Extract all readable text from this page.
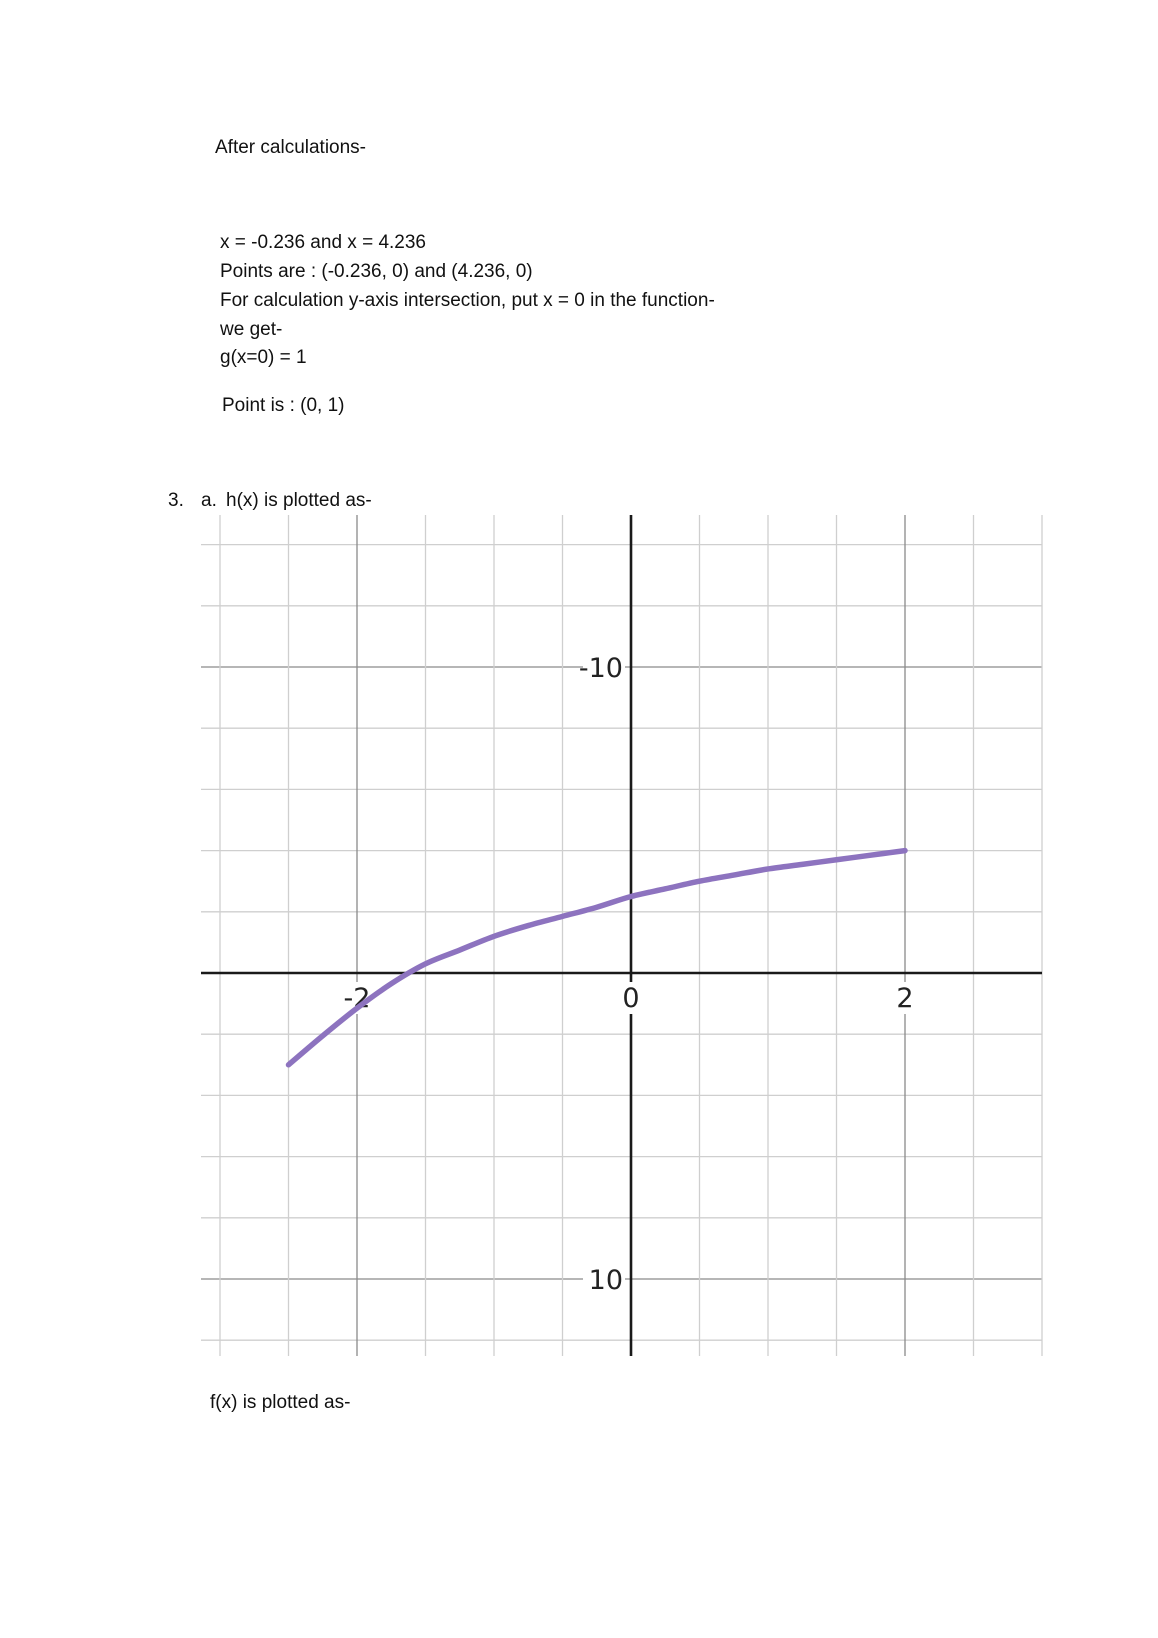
After calculations-
x = -0.236 and x = 4.236
Points are : (-0.236, 0) and (4.236, 0)
For calculation y-axis intersection, put x = 0 in the function-
we get-
g(x=0) = 1
Point is : (0, 1)
3. a. h(x) is plotted as-
-2	0	2
10
-10
f(x) is plotted as-
